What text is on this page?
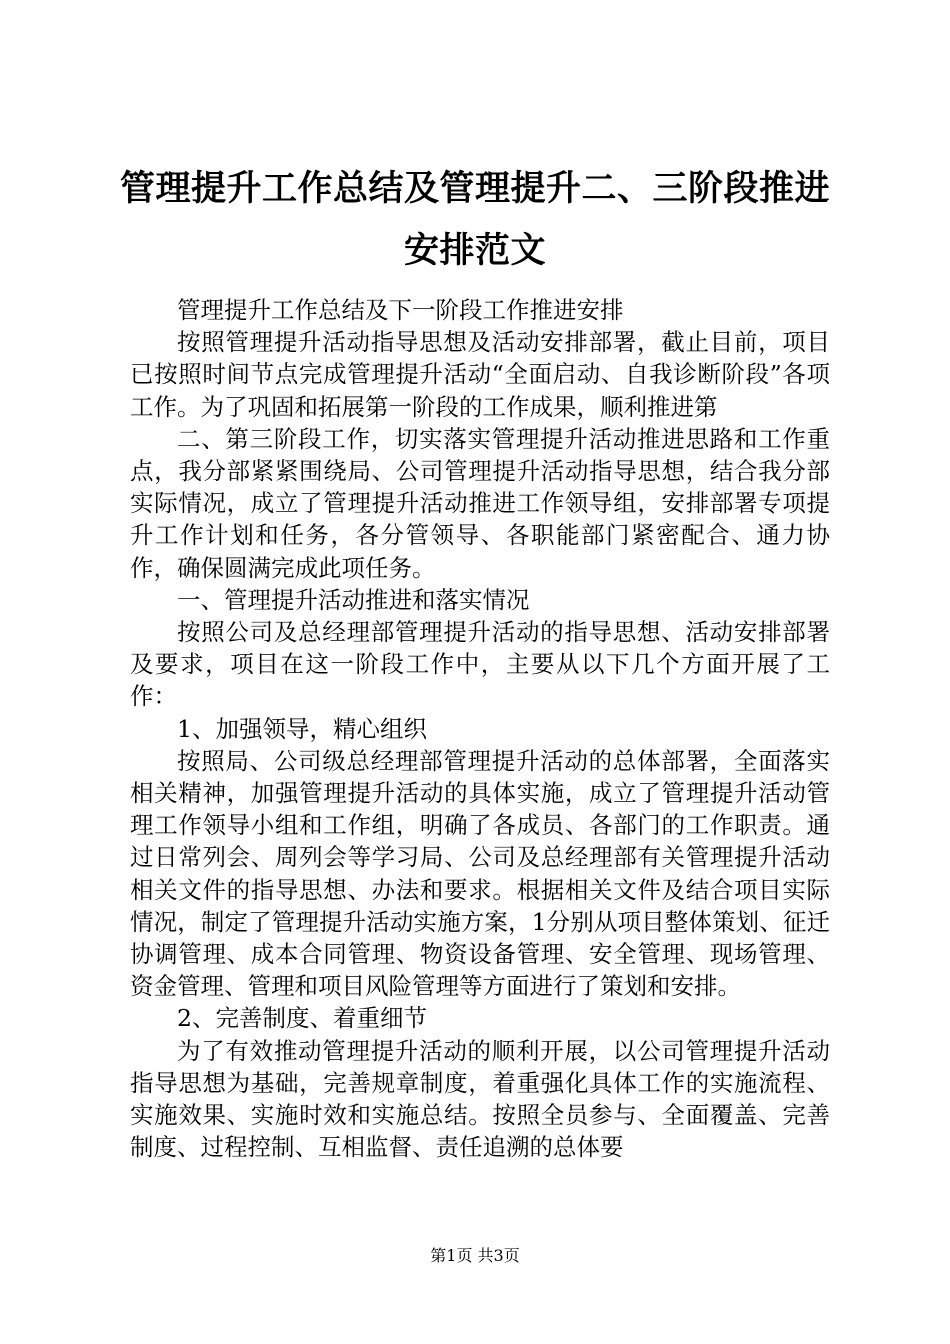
管理提升工作总结及管理提升二、三阶段推进安排范文

管理提升工作总结及下一阶段工作推进安排

按照管理提升活动指导思想及活动安排部署，截止目前，项目已按照时间节点完成管理提升活动“全面启动、自我诊断阶段”各项工作。为了巩固和拓展第一阶段的工作成果，顺利推进第

二、第三阶段工作，切实落实管理提升活动推进思路和工作重点，我分部紧紧围绕局、公司管理提升活动指导思想，结合我分部实际情况，成立了管理提升活动推进工作领导组，安排部署专项提升工作计划和任务，各分管领导、各职能部门紧密配合、通力协作，确保圆满完成此项任务。

一、管理提升活动推进和落实情况

按照公司及总经理部管理提升活动的指导思想、活动安排部署及要求，项目在这一阶段工作中，主要从以下几个方面开展了工作：

1、加强领导，精心组织

按照局、公司级总经理部管理提升活动的总体部署，全面落实相关精神，加强管理提升活动的具体实施，成立了管理提升活动管理工作领导小组和工作组，明确了各成员、各部门的工作职责。通过日常列会、周列会等学习局、公司及总经理部有关管理提升活动相关文件的指导思想、办法和要求。根据相关文件及结合项目实际情况，制定了管理提升活动实施方案，1分别从项目整体策划、征迁协调管理、成本合同管理、物资设备管理、安全管理、现场管理、资金管理、管理和项目风险管理等方面进行了策划和安排。

2、完善制度、着重细节

为了有效推动管理提升活动的顺利开展，以公司管理提升活动指导思想为基础，完善规章制度，着重强化具体工作的实施流程、实施效果、实施时效和实施总结。按照全员参与、全面覆盖、完善制度、过程控制、互相监督、责任追溯的总体要

第1页 共3页
